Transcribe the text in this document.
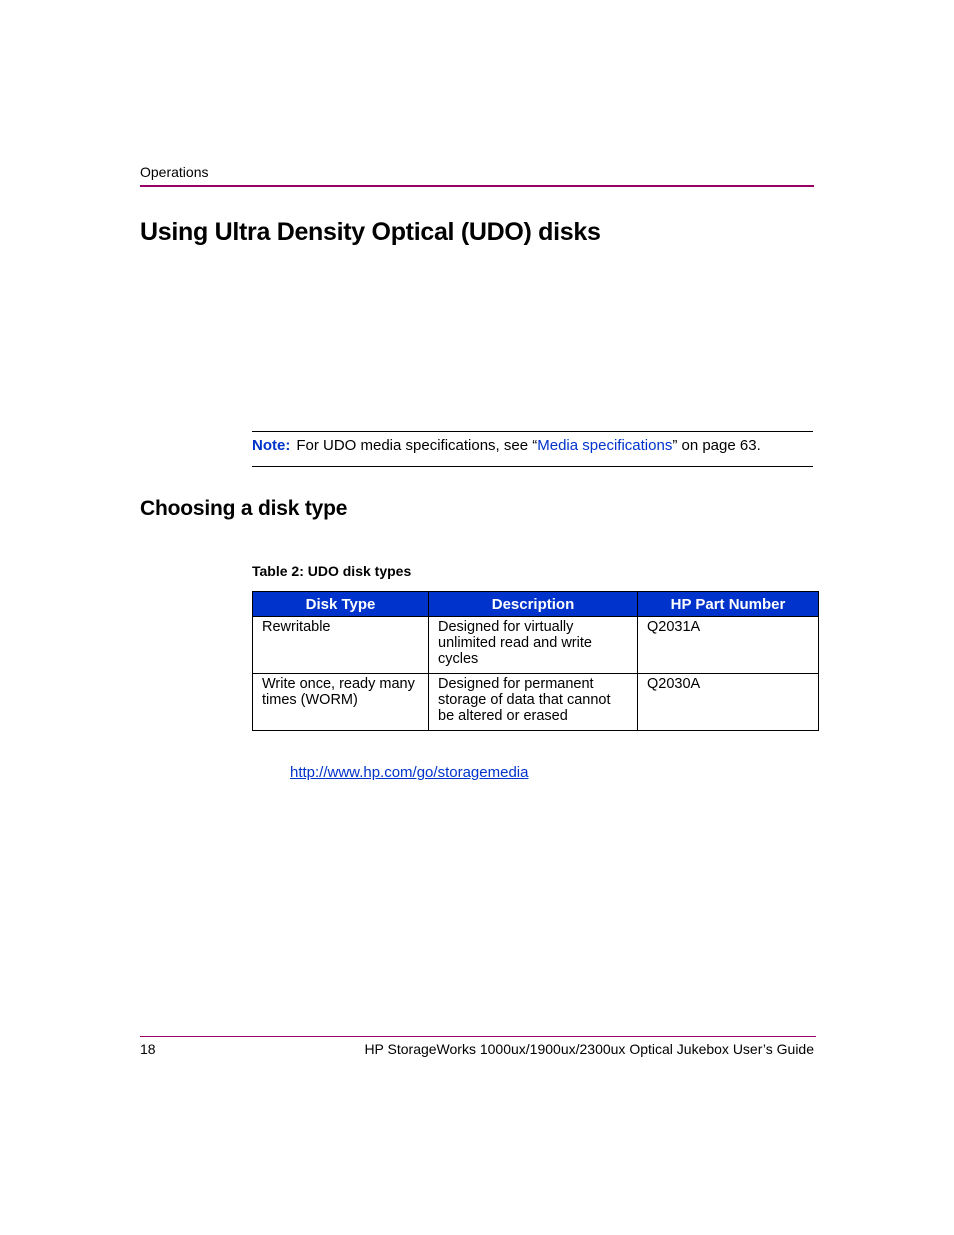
Operations
Using Ultra Density Optical (UDO) disks
Note: For UDO media specifications, see “Media specifications” on page 63.
Choosing a disk type
Table 2: UDO disk types
Disk Type	Description	HP Part Number
Rewritable	Designed for virtually unlimited read and write cycles	Q2031A
Write once, ready many times (WORM)	Designed for permanent storage of data that cannot be altered or erased	Q2030A
http://www.hp.com/go/storagemedia
18	HP StorageWorks 1000ux/1900ux/2300ux Optical Jukebox User’s Guide
